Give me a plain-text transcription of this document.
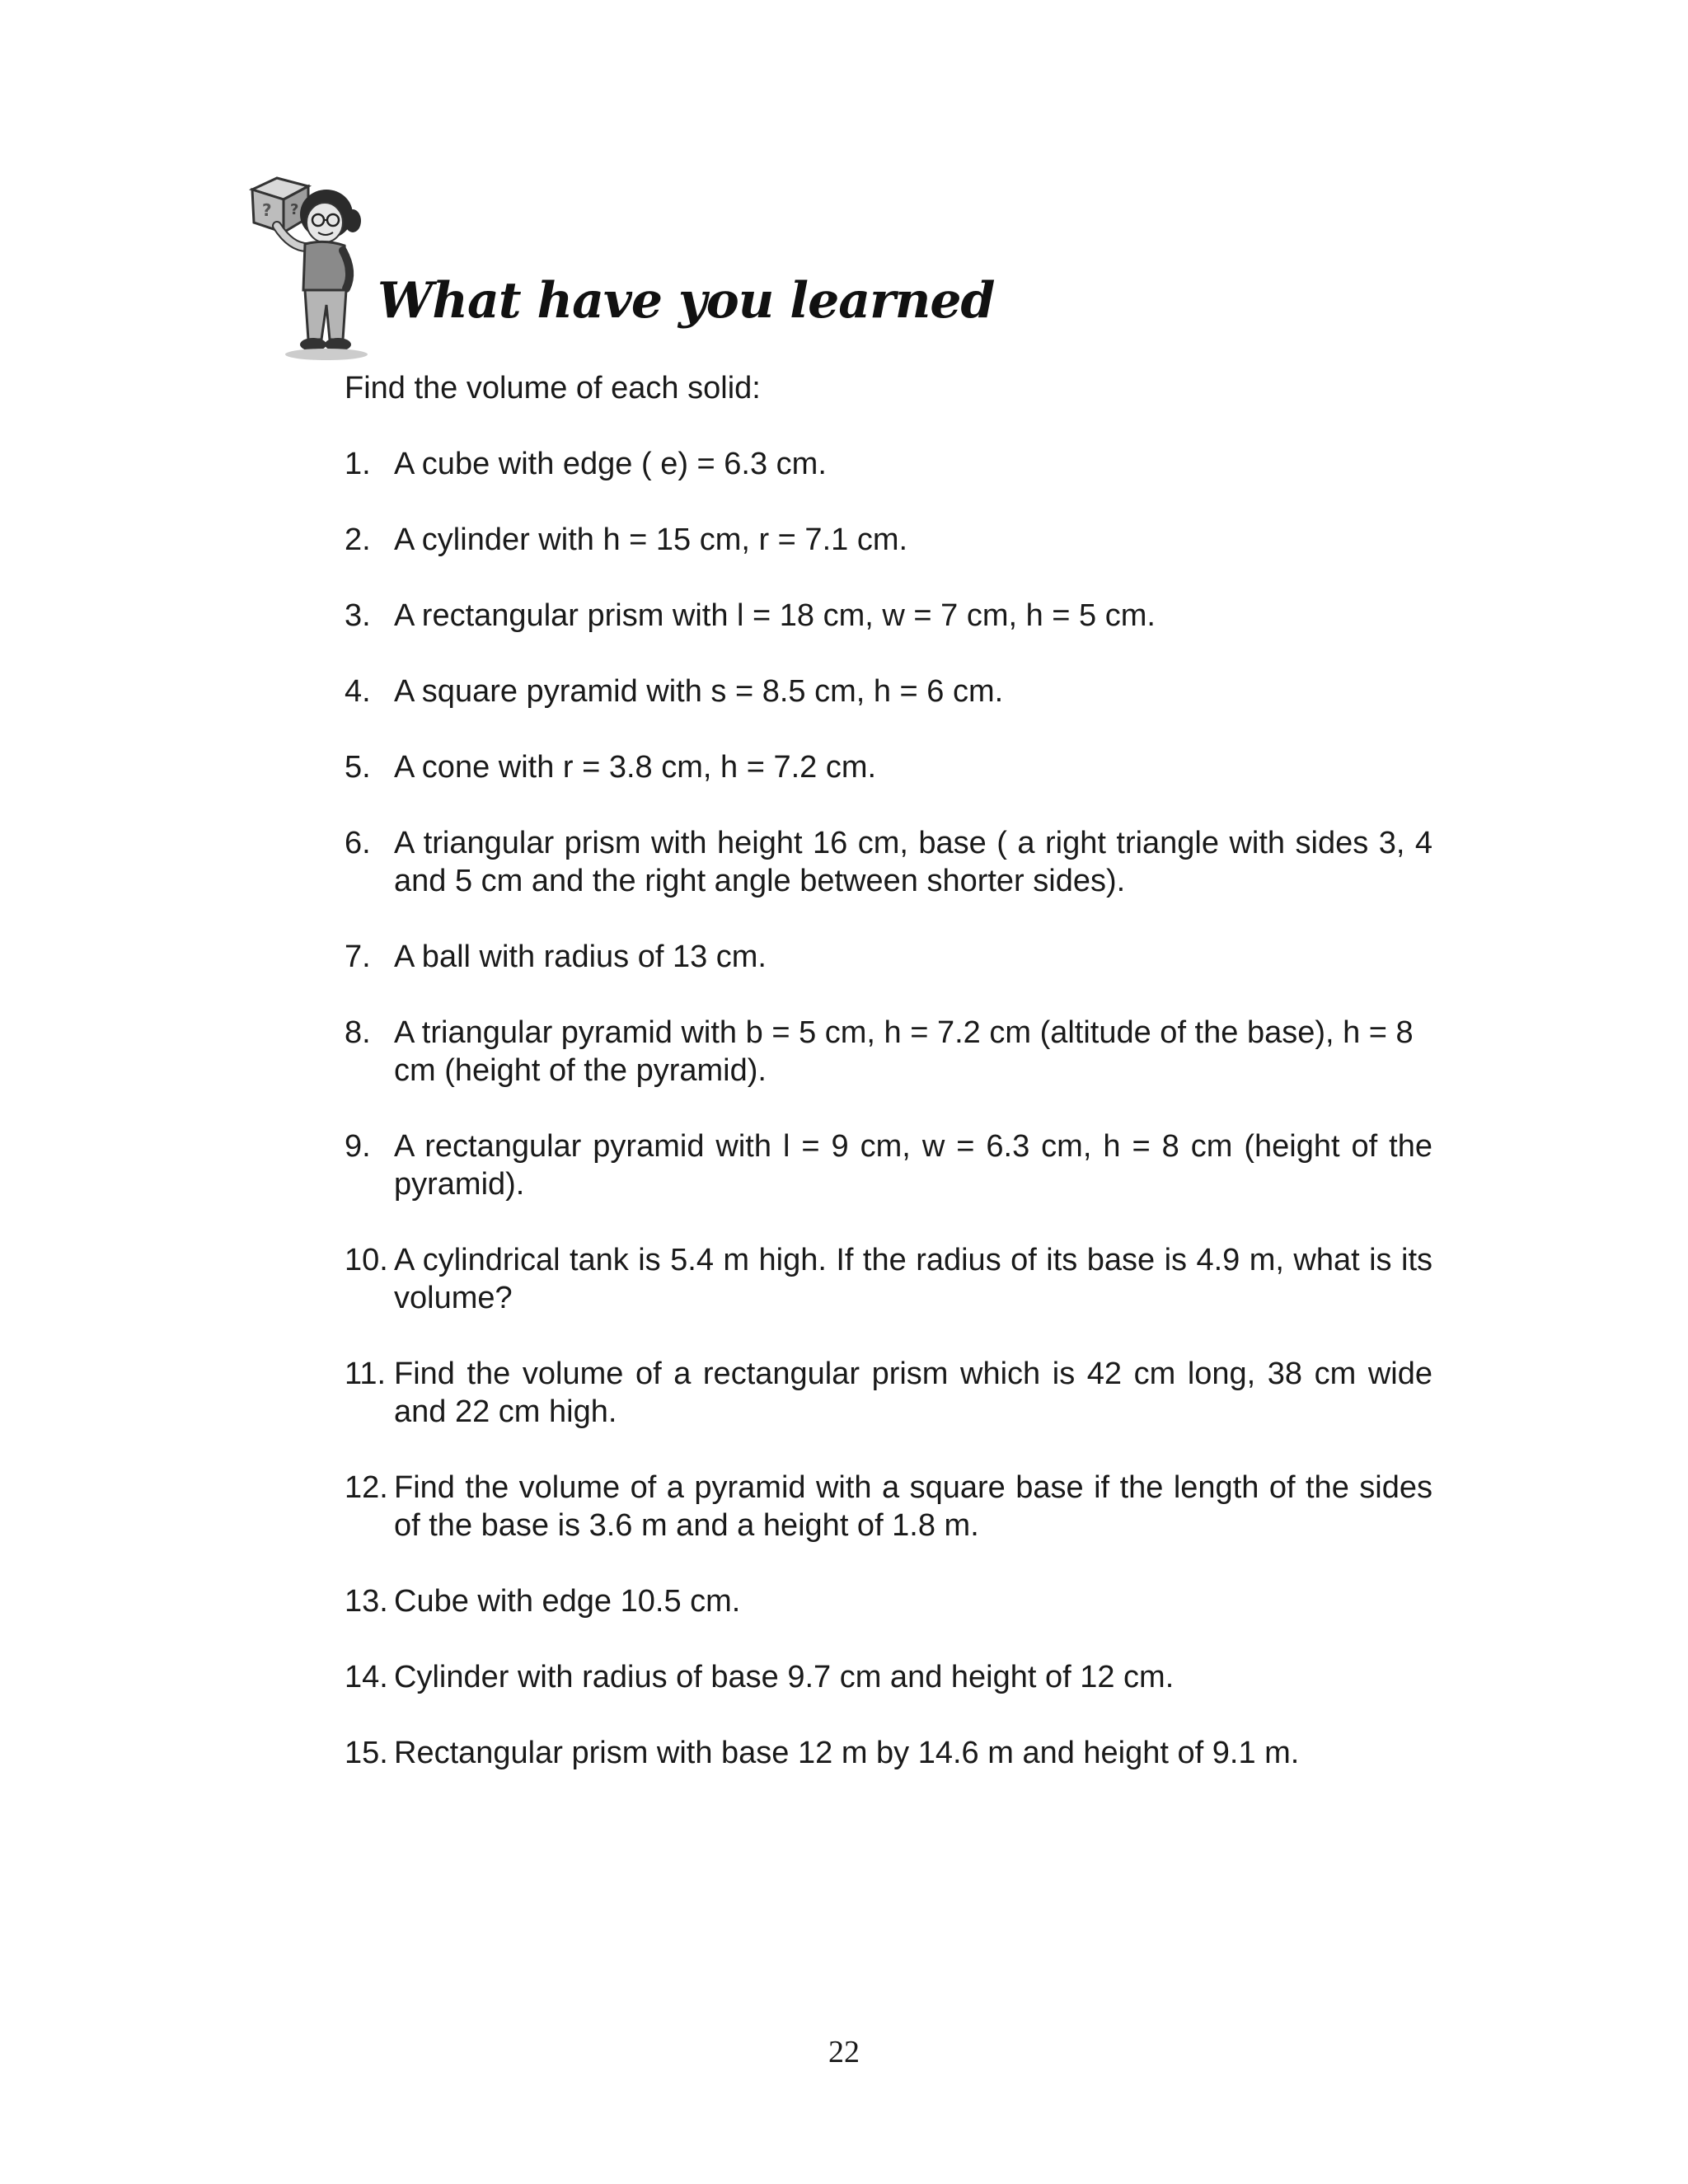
? ?
What have you learned
Find the volume of each solid:
1. A cube with edge ( e) = 6.3 cm.
2. A cylinder with h = 15 cm, r = 7.1 cm.
3. A rectangular prism with l = 18 cm, w = 7 cm, h = 5 cm.
4. A square pyramid with s = 8.5 cm, h = 6 cm.
5. A cone with r = 3.8 cm, h = 7.2 cm.
6. A triangular prism with height 16 cm, base ( a right triangle with sides 3, 4 and 5 cm and the right angle between shorter sides).
7. A ball with radius of 13 cm.
8. A triangular pyramid with b = 5 cm, h = 7.2 cm (altitude of the base), h = 8 cm (height of the pyramid).
9. A rectangular pyramid with l = 9 cm, w = 6.3 cm, h = 8 cm (height of the pyramid).
10. A cylindrical tank is 5.4 m high. If the radius of its base is 4.9 m, what is its volume?
11. Find the volume of a rectangular prism which is 42 cm long, 38 cm wide and 22 cm high.
12. Find the volume of a pyramid with a square base if the length of the sides of the base is 3.6 m and a height of 1.8 m.
13. Cube with edge 10.5 cm.
14. Cylinder with radius of base 9.7 cm and height of 12 cm.
15. Rectangular prism with base 12 m by 14.6 m and height of 9.1 m.
22
